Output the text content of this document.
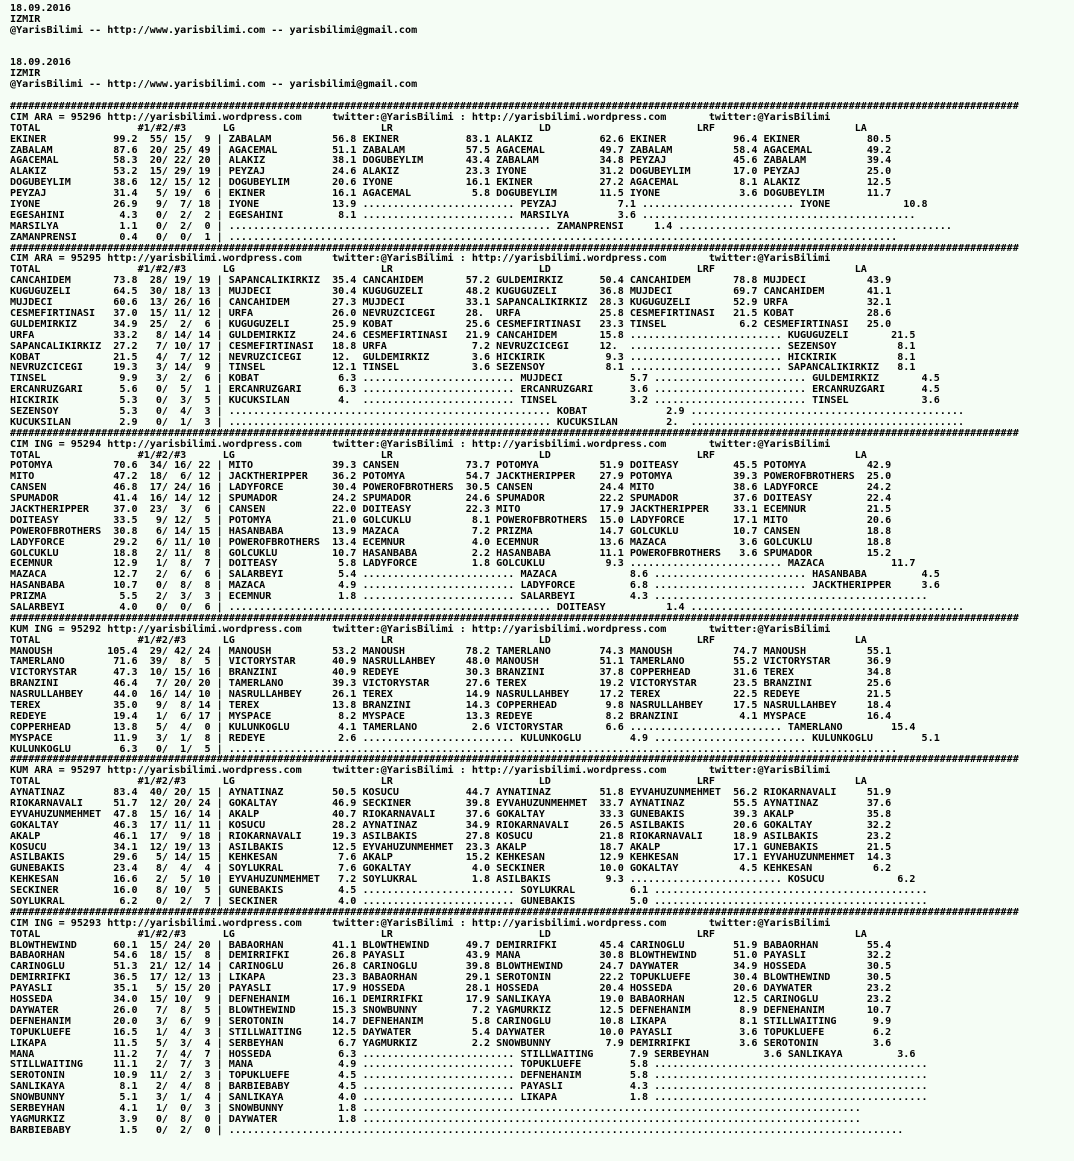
18.09.2016
IZMIR
@YarisBilimi -- http://www.yarisbilimi.com -- yarisbilimi@gmail.com

18.09.2016
IZMIR
@YarisBilimi -- http://www.yarisbilimi.com -- yarisbilimi@gmail.com

######################################################################################################################################################################
CIM ARA = 95296 http://yarisbilimi.wordpress.com     twitter:@YarisBilimi : http://yarisbilimi.wordpress.com       twitter:@YarisBilimi
TOTAL                #1/#2/#3      LG                        LR                        LD                        LRF                       LA
EKINER           99.2  55/ 15/  9 | ZABALAM          56.8 EKINER           83.1 ALAKIZ           62.6 EKINER           96.4 EKINER           80.5
ZABALAM          87.6  20/ 25/ 49 | AGACEMAL         51.1 ZABALAM          57.5 AGACEMAL         49.7 ZABALAM          58.4 AGACEMAL         49.2
AGACEMAL         58.3  20/ 22/ 20 | ALAKIZ           38.1 DOGUBEYLIM       43.4 ZABALAM          34.8 PEYZAJ           45.6 ZABALAM          39.4
ALAKIZ           53.2  15/ 29/ 19 | PEYZAJ           24.6 ALAKIZ           23.3 IYONE            31.2 DOGUBEYLIM       17.0 PEYZAJ           25.0
DOGUBEYLIM       38.6  12/ 15/ 12 | DOGUBEYLIM       20.6 IYONE            16.1 EKINER           27.2 AGACEMAL          8.1 ALAKIZ           12.5
PEYZAJ           31.4   5/ 19/  6 | EKINER           16.1 AGACEMAL          5.8 DOGUBEYLIM       11.5 IYONE             3.6 DOGUBEYLIM       11.7
IYONE            26.9   9/  7/ 18 | IYONE            13.9 ......................... PEYZAJ          7.1 ......................... IYONE            10.8
EGESAHINI         4.3   0/  2/  2 | EGESAHINI         8.1 ......................... MARSILYA        3.6 .............................................
MARSILYA          1.1   0/  2/  0 | ..................................................... ZAMANPRENSI     1.4 .............................................
ZAMANPRENSI       0.4   0/  0/  1 | ..............................................................................................................
######################################################################################################################################################################
CIM ARA = 95295 http://yarisbilimi.wordpress.com     twitter:@YarisBilimi : http://yarisbilimi.wordpress.com       twitter:@YarisBilimi
TOTAL                #1/#2/#3      LG                        LR                        LD                        LRF                       LA
CANCAHIDEM       73.8  28/ 19/ 19 | SAPANCALIKIRKIZ  35.4 CANCAHIDEM       57.2 GULDEMIRKIZ      50.4 CANCAHIDEM       78.8 MUJDECI          43.9
KUGUGUZELI       64.5  30/ 18/ 13 | MUJDECI          30.4 KUGUGUZELI       48.2 KUGUGUZELI       36.8 MUJDECI          69.7 CANCAHIDEM       41.1
MUJDECI          60.6  13/ 26/ 16 | CANCAHIDEM       27.3 MUJDECI          33.1 SAPANCALIKIRKIZ  28.3 KUGUGUZELI       52.9 URFA             32.1
CESMEFIRTINASI   37.0  15/ 11/ 12 | URFA             26.0 NEVRUZCICEGI     28.  URFA             25.8 CESMEFIRTINASI   21.5 KOBAT            28.6
GULDEMIRKIZ      34.9  25/  2/  6 | KUGUGUZELI       25.9 KOBAT            25.6 CESMEFIRTINASI   23.3 TINSEL            6.2 CESMEFIRTINASI   25.0
URFA             33.2   8/ 14/ 14 | GULDEMIRKIZ      24.6 CESMEFIRTINASI   21.9 CANCAHIDEM       15.8 ......................... KUGUGUZELI       21.5
SAPANCALIKIRKIZ  27.2   7/ 10/ 17 | CESMEFIRTINASI   18.8 URFA              7.2 NEVRUZCICEGI     12.  ......................... SEZENSOY          8.1
KOBAT            21.5   4/  7/ 12 | NEVRUZCICEGI     12.  GULDEMIRKIZ       3.6 HICKIRIK          9.3 ......................... HICKIRIK          8.1
NEVRUZCICEGI     19.3   3/ 14/  9 | TINSEL           12.1 TINSEL            3.6 SEZENSOY          8.1 ......................... SAPANCALIKIRKIZ   8.1
TINSEL            9.9   3/  2/  6 | KOBAT             6.3 ......................... MUJDECI           5.7 ......................... GULDEMIRKIZ       4.5
ERCANRUZGARI      5.6   0/  5/  1 | ERCANRUZGARI      6.3 ......................... ERCANRUZGARI      3.6 ......................... ERCANRUZGARI      4.5
HICKIRIK          5.3   0/  3/  5 | KUCUKSILAN        4.  ......................... TINSEL            3.2 ......................... TINSEL            3.6
SEZENSOY          5.3   0/  4/  3 | ..................................................... KOBAT             2.9 .............................................
KUCUKSILAN        2.9   0/  1/  3 | ..................................................... KUCUKSILAN        2.  .............................................
######################################################################################################################################################################
CIM ING = 95294 http://yarisbilimi.wordpress.com     twitter:@YarisBilimi : http://yarisbilimi.wordpress.com       twitter:@YarisBilimi
TOTAL                #1/#2/#3      LG                        LR                        LD                        LRF                       LA
POTOMYA          70.6  34/ 16/ 22 | MITO             39.3 CANSEN           73.7 POTOMYA          51.9 DOITEASY         45.5 POTOMYA          42.9
MITO             47.2  18/  6/ 12 | JACKTHERIPPER    36.2 POTOMYA          54.7 JACKTHERIPPER    27.9 POTOMYA          39.3 POWEROFBROTHERS  25.0
CANSEN           46.8  17/ 24/ 16 | LADYFORCE        30.4 POWEROFBROTHERS  30.5 CANSEN           24.4 MITO             38.6 LADYFORCE        24.2
SPUMADOR         41.4  16/ 14/ 12 | SPUMADOR         24.2 SPUMADOR         24.6 SPUMADOR         22.2 SPUMADOR         37.6 DOITEASY         22.4
JACKTHERIPPER    37.0  23/  3/  6 | CANSEN           22.0 DOITEASY         22.3 MITO             17.9 JACKTHERIPPER    33.1 ECEMNUR          21.5
DOITEASY         33.5   9/ 12/  5 | POTOMYA          21.0 GOLCUKLU          8.1 POWEROFBROTHERS  15.0 LADYFORCE        17.1 MITO             20.6
POWEROFBROTHERS  30.8   6/ 14/ 15 | HASANBABA        13.9 MAZACA            7.2 PRIZMA           14.7 GOLCUKLU         10.7 CANSEN           18.8
LADYFORCE        29.2   6/ 11/ 10 | POWEROFBROTHERS  13.4 ECEMNUR           4.0 ECEMNUR          13.6 MAZACA            3.6 GOLCUKLU         18.8
GOLCUKLU         18.8   2/ 11/  8 | GOLCUKLU         10.7 HASANBABA         2.2 HASANBABA        11.1 POWEROFBROTHERS   3.6 SPUMADOR         15.2
ECEMNUR          12.9   1/  8/  7 | DOITEASY          5.8 LADYFORCE         1.8 GOLCUKLU          9.3 ......................... MAZACA           11.7
MAZACA           12.7   2/  6/  6 | SALARBEYI         5.4 ......................... MAZACA            8.6 ......................... HASANBABA         4.5
HASANBABA        10.7   0/  8/  8 | MAZACA            4.9 ......................... LADYFORCE         6.8 ......................... JACKTHERIPPER     3.6
PRIZMA            5.5   2/  3/  3 | ECEMNUR           1.8 ......................... SALARBEYI         4.3 .............................................
SALARBEYI         4.0   0/  0/  6 | ..................................................... DOITEASY          1.4 .............................................
######################################################################################################################################################################
KUM ING = 95292 http://yarisbilimi.wordpress.com     twitter:@YarisBilimi : http://yarisbilimi.wordpress.com       twitter:@YarisBilimi
TOTAL                #1/#2/#3      LG                        LR                        LD                        LRF                       LA
MANOUSH         105.4  29/ 42/ 24 | MANOUSH          53.2 MANOUSH          78.2 TAMERLANO        74.3 MANOUSH          74.7 MANOUSH          55.1
TAMERLANO        71.6  39/  8/  5 | VICTORYSTAR      40.9 NASRULLAHBEY     48.0 MANOUSH          51.1 TAMERLANO        55.2 VICTORYSTAR      36.9
VICTORYSTAR      47.3  10/ 15/ 16 | BRANZINI         40.9 REDEYE           30.3 BRANZINI         37.8 COPPERHEAD       31.6 TEREX            34.8
BRANZINI         46.4   7/ 20/ 20 | TAMERLANO        39.3 VICTORYSTAR      27.6 TEREX            19.2 VICTORYSTAR      23.5 BRANZINI         25.6
NASRULLAHBEY     44.0  16/ 14/ 10 | NASRULLAHBEY     26.1 TEREX            14.9 NASRULLAHBEY     17.2 TEREX            22.5 REDEYE           21.5
TEREX            35.0   9/  8/ 14 | TEREX            13.8 BRANZINI         14.3 COPPERHEAD        9.8 NASRULLAHBEY     17.5 NASRULLAHBEY     18.4
REDEYE           19.4   1/  6/ 17 | MYSPACE           8.2 MYSPACE          13.3 REDEYE            8.2 BRANZINI          4.1 MYSPACE          16.4
COPPERHEAD       13.8   5/  4/  0 | KULUNKOGLU        4.1 TAMERLANO         2.6 VICTORYSTAR       6.6 ......................... TAMERLANO        15.4
MYSPACE          11.9   3/  1/  8 | REDEYE            2.6 ......................... KULUNKOGLU        4.9 ......................... KULUNKOGLU        5.1
KULUNKOGLU        6.3   0/  1/  5 | ..............................................................................................................
######################################################################################################################################################################
KUM ARA = 95297 http://yarisbilimi.wordpress.com     twitter:@YarisBilimi : http://yarisbilimi.wordpress.com       twitter:@YarisBilimi
TOTAL                #1/#2/#3      LG                        LR                        LD                        LRF                       LA
AYNATINAZ        83.4  40/ 20/ 15 | AYNATINAZ        50.5 KOSUCU           44.7 AYNATINAZ        51.8 EYVAHUZUNMEHMET  56.2 RIOKARNAVALI     51.9
RIOKARNAVALI     51.7  12/ 20/ 24 | GOKALTAY         46.9 SECKINER         39.8 EYVAHUZUNMEHMET  33.7 AYNATINAZ        55.5 AYNATINAZ        37.6
EYVAHUZUNMEHMET  47.8  15/ 16/ 14 | AKALP            40.7 RIOKARNAVALI     37.6 GOKALTAY         33.3 GUNEBAKIS        39.3 AKALP            35.8
GOKALTAY         46.3  17/ 11/ 11 | KOSUCU           28.2 AYNATINAZ        34.9 RIOKARNAVALI     26.5 ASILBAKIS        20.6 GOKALTAY         32.2
AKALP            46.1  17/  9/ 18 | RIOKARNAVALI     19.3 ASILBAKIS        27.8 KOSUCU           21.8 RIOKARNAVALI     18.9 ASILBAKIS        23.2
KOSUCU           34.1  12/ 19/ 13 | ASILBAKIS        12.5 EYVAHUZUNMEHMET  23.3 AKALP            18.7 AKALP            17.1 GUNEBAKIS        21.5
ASILBAKIS        29.6   5/ 14/ 15 | KEHKESAN          7.6 AKALP            15.2 KEHKESAN         12.9 KEHKESAN         17.1 EYVAHUZUNMEHMET  14.3
GUNEBAKIS        23.4   8/  4/  4 | SOYLUKRAL         7.6 GOKALTAY          4.0 SECKINER         10.0 GOKALTAY          4.5 KEHKESAN          6.2
KEHKESAN         16.6   2/  5/ 10 | EYVAHUZUNMEHMET   7.2 SOYLUKRAL         1.8 ASILBAKIS         9.3 ......................... KOSUCU            6.2
SECKINER         16.0   8/ 10/  5 | GUNEBAKIS         4.5 ......................... SOYLUKRAL         6.1 .............................................
SOYLUKRAL         6.2   0/  2/  7 | SECKINER          4.0 ......................... GUNEBAKIS         5.0 .............................................
######################################################################################################################################################################
CIM ING = 95293 http://yarisbilimi.wordpress.com     twitter:@YarisBilimi : http://yarisbilimi.wordpress.com       twitter:@YarisBilimi
TOTAL                #1/#2/#3      LG                        LR                        LD                        LRF                       LA
BLOWTHEWIND      60.1  15/ 24/ 20 | BABAORHAN        41.1 BLOWTHEWIND      49.7 DEMIRRIFKI       45.4 CARINOGLU        51.9 BABAORHAN        55.4
BABAORHAN        54.6  18/ 15/  8 | DEMIRRIFKI       26.8 PAYASLI          43.9 MANA             30.8 BLOWTHEWIND      51.0 PAYASLI          32.2
CARINOGLU        51.3  21/ 12/ 14 | CARINOGLU        26.8 CARINOGLU        39.8 BLOWTHEWIND      24.7 DAYWATER         34.9 HOSSEDA          30.5
DEMIRRIFKI       36.5  17/ 12/ 13 | LIKAPA           23.3 BABAORHAN        29.1 SEROTONIN        22.2 TOPUKLUEFE       30.4 BLOWTHEWIND      30.5
PAYASLI          35.1   5/ 15/ 20 | PAYASLI          17.9 HOSSEDA          28.1 HOSSEDA          20.4 HOSSEDA          20.6 DAYWATER         23.2
HOSSEDA          34.0  15/ 10/  9 | DEFNEHANIM       16.1 DEMIRRIFKI       17.9 SANLIKAYA        19.0 BABAORHAN        12.5 CARINOGLU        23.2
DAYWATER         26.0   7/  8/  5 | BLOWTHEWIND      15.3 SNOWBUNNY         7.2 YAGMURKIZ        12.5 DEFNEHANIM        8.9 DEFNEHANIM       10.7
DEFNEHANIM       20.0   3/  6/  9 | SEROTONIN        14.7 DEFNEHANIM        5.8 CARINOGLU        10.8 LIKAPA            8.1 STILLWAITING      9.9
TOPUKLUEFE       16.5   1/  4/  3 | STILLWAITING     12.5 DAYWATER          5.4 DAYWATER         10.0 PAYASLI           3.6 TOPUKLUEFE        6.2
LIKAPA           11.5   5/  3/  4 | SERBEYHAN         6.7 YAGMURKIZ         2.2 SNOWBUNNY         7.9 DEMIRRIFKI        3.6 SEROTONIN         3.6
MANA             11.2   7/  4/  7 | HOSSEDA           6.3 ......................... STILLWAITING      7.9 SERBEYHAN         3.6 SANLIKAYA         3.6
STILLWAITING     11.1   2/  7/  3 | MANA              4.9 ......................... TOPUKLUEFE        5.8 .............................................
SEROTONIN        10.9  11/  2/  3 | TOPUKLUEFE        4.5 ......................... DEFNEHANIM        5.8 .............................................
SANLIKAYA         8.1   2/  4/  8 | BARBIEBABY        4.5 ......................... PAYASLI           4.3 .............................................
SNOWBUNNY         5.1   3/  1/  4 | SANLIKAYA         4.0 ......................... LIKAPA            1.8 .............................................
SERBEYHAN         4.1   1/  0/  3 | SNOWBUNNY         1.8 ..................................................................................
YAGMURKIZ         3.9   0/  8/  0 | DAYWATER          1.8 ..................................................................................
BARBIEBABY        1.5   0/  2/  0 | ...............................................................................................................
